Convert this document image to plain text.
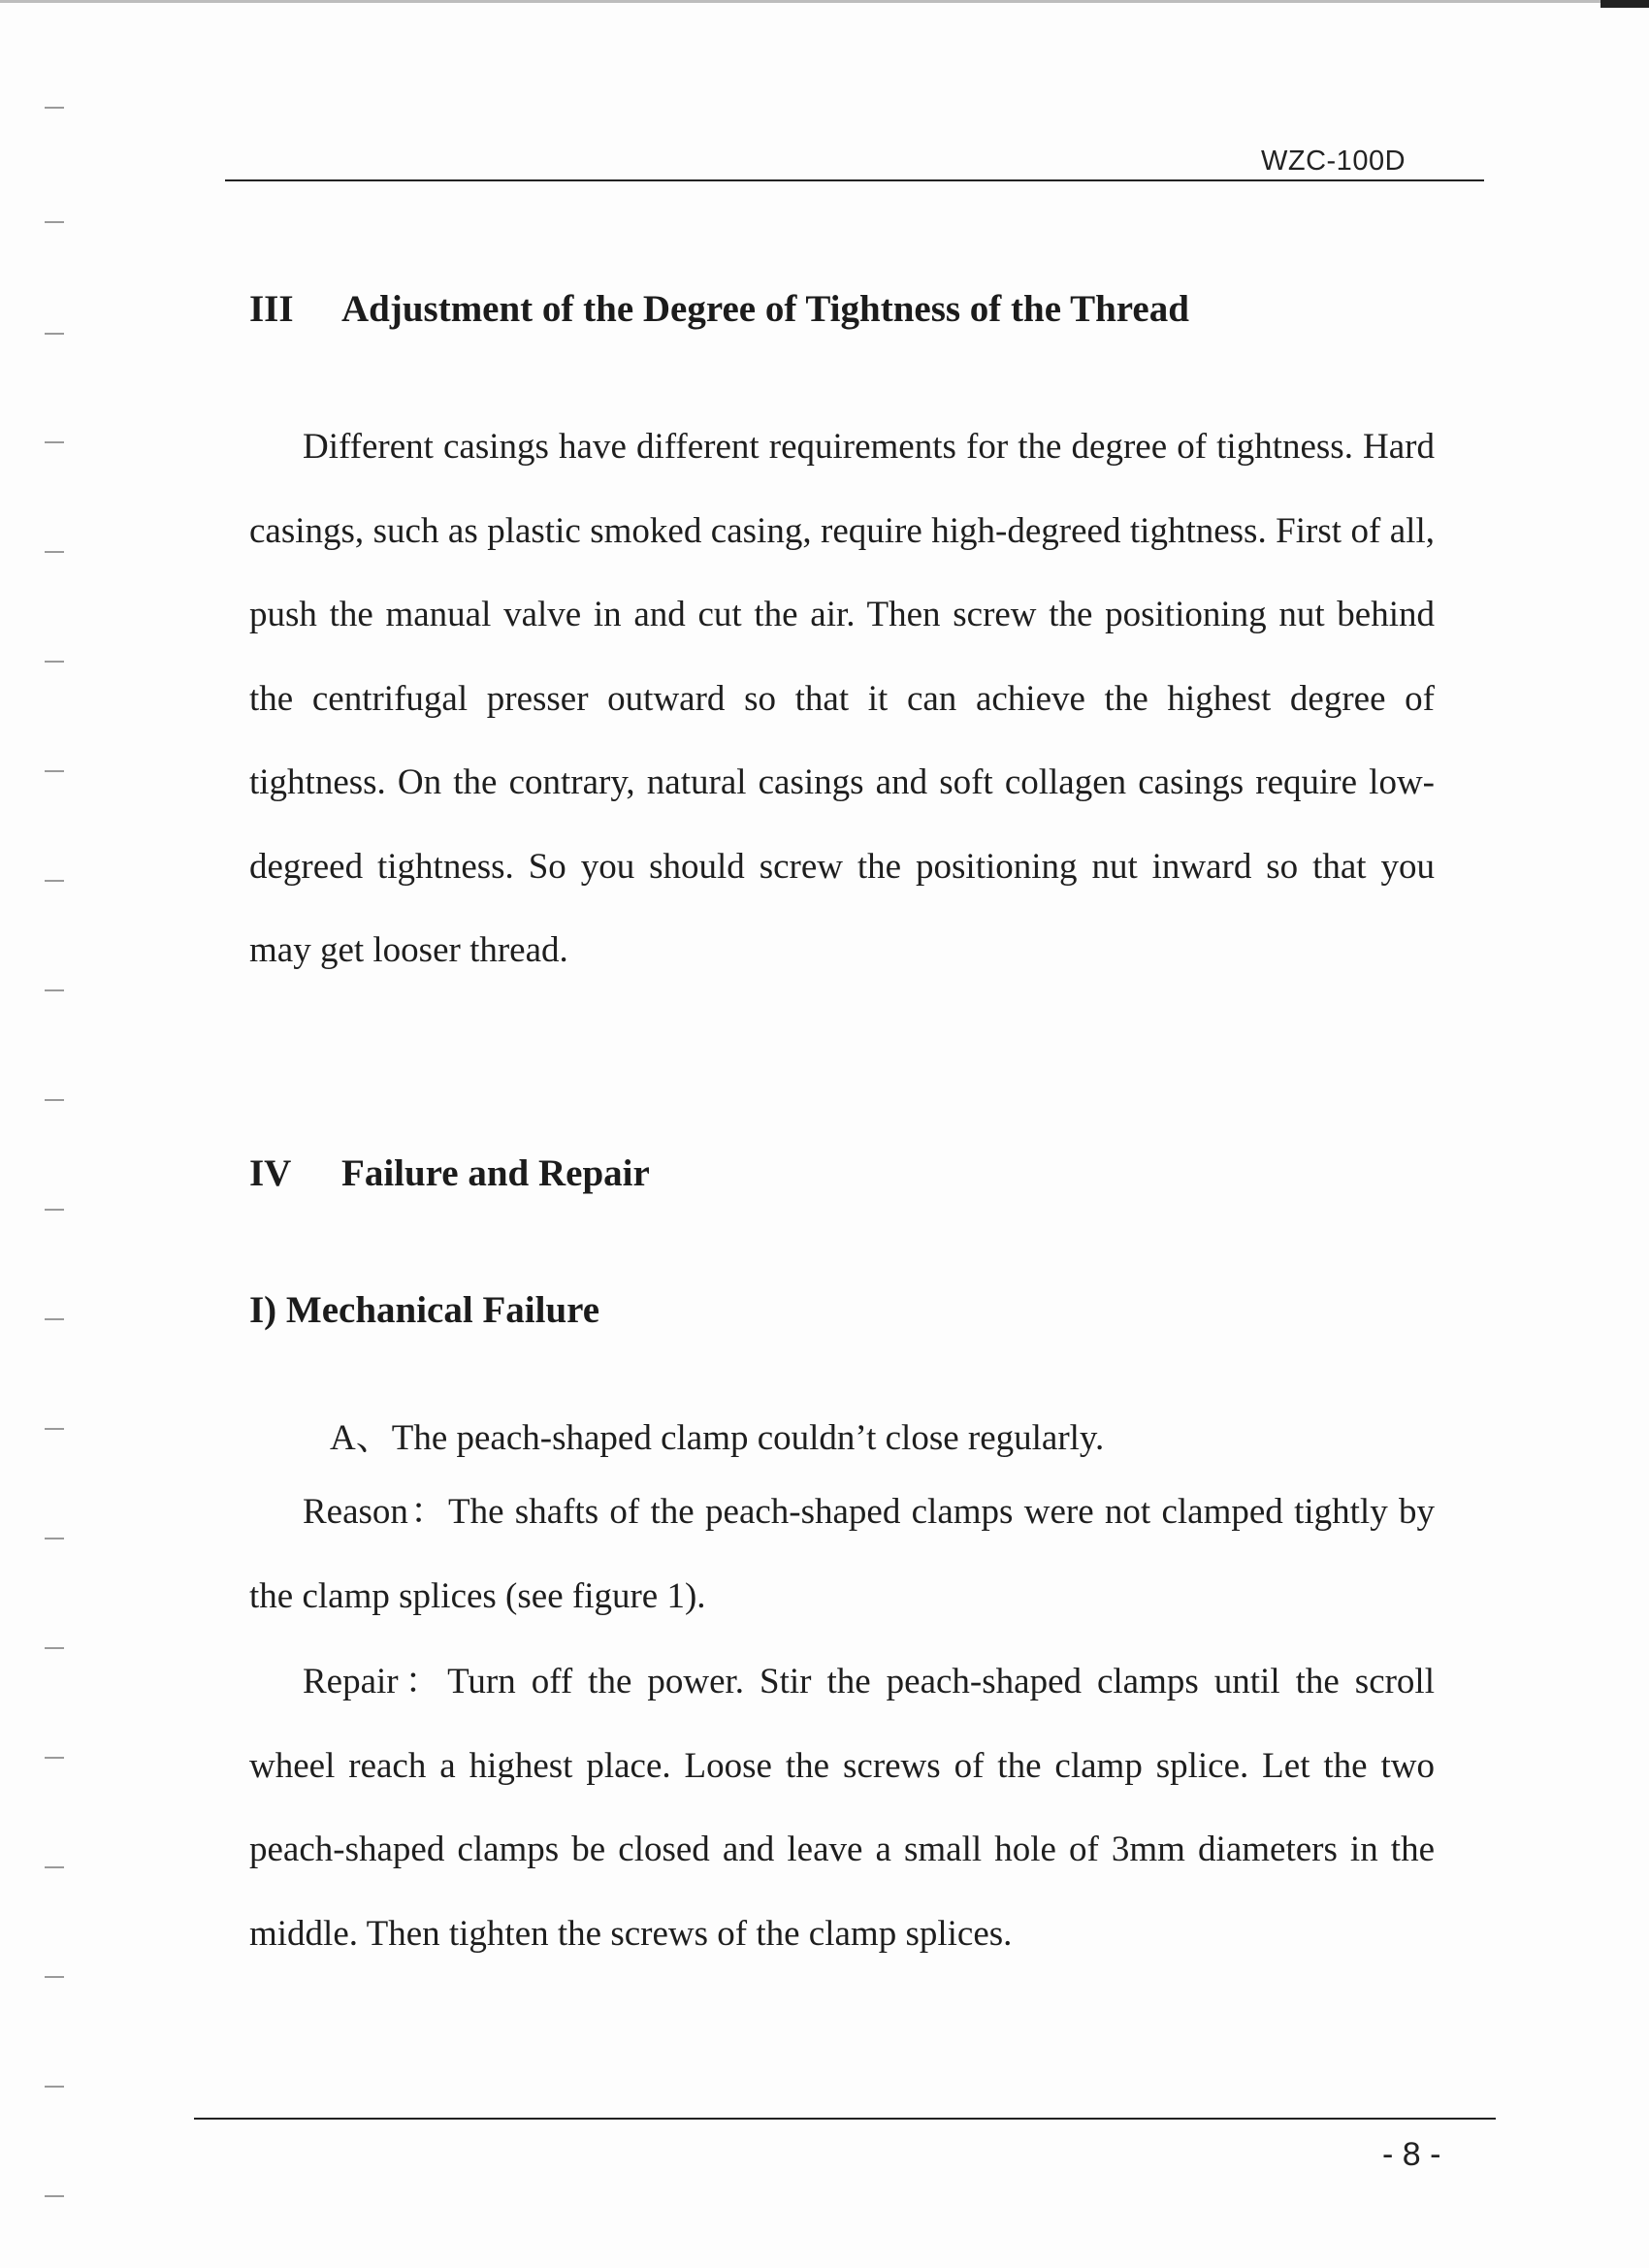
WZC-100D
III Adjustment of the Degree of Tightness of the Thread

Different casings have different requirements for the degree of tightness. Hard casings, such as plastic smoked casing, require high-degreed tightness. First of all, push the manual valve in and cut the air. Then screw the positioning nut behind the centrifugal presser outward so that it can achieve the highest degree of tightness. On the contrary, natural casings and soft collagen casings require low-degreed tightness. So you should screw the positioning nut inward so that you may get looser thread.

IV Failure and Repair
I) Mechanical Failure
A、The peach-shaped clamp couldn’t close regularly.

Reason：The shafts of the peach-shaped clamps were not clamped tightly by the clamp splices (see figure 1).

Repair：Turn off the power. Stir the peach-shaped clamps until the scroll wheel reach a highest place. Loose the screws of the clamp splice. Let the two peach-shaped clamps be closed and leave a small hole of 3mm diameters in the middle. Then tighten the screws of the clamp splices.

- 8 -
